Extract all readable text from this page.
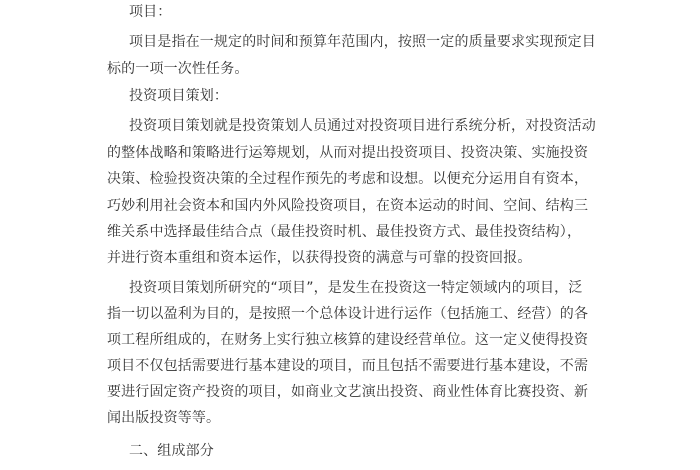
项目：
项目是指在一规定的时间和预算年范围内，按照一定的质量要求实现预定目
标的一项一次性任务。
投资项目策划：
投资项目策划就是投资策划人员通过对投资项目进行系统分析，对投资活动
的整体战略和策略进行运筹规划，从而对提出投资项目、投资决策、实施投资
决策、检验投资决策的全过程作预先的考虑和设想。以便充分运用自有资本，
巧妙利用社会资本和国内外风险投资项目，在资本运动的时间、空间、结构三
维关系中选择最佳结合点（最佳投资时机、最佳投资方式、最佳投资结构），
并进行资本重组和资本运作，以获得投资的满意与可靠的投资回报。
投资项目策划所研究的“项目”，是发生在投资这一特定领域内的项目，泛
指一切以盈利为目的，是按照一个总体设计进行运作（包括施工、经营）的各
项工程所组成的，在财务上实行独立核算的建设经营单位。这一定义使得投资
项目不仅包括需要进行基本建设的项目，而且包括不需要进行基本建设，不需
要进行固定资产投资的项目，如商业文艺演出投资、商业性体育比赛投资、新
闻出版投资等等。
二、组成部分
